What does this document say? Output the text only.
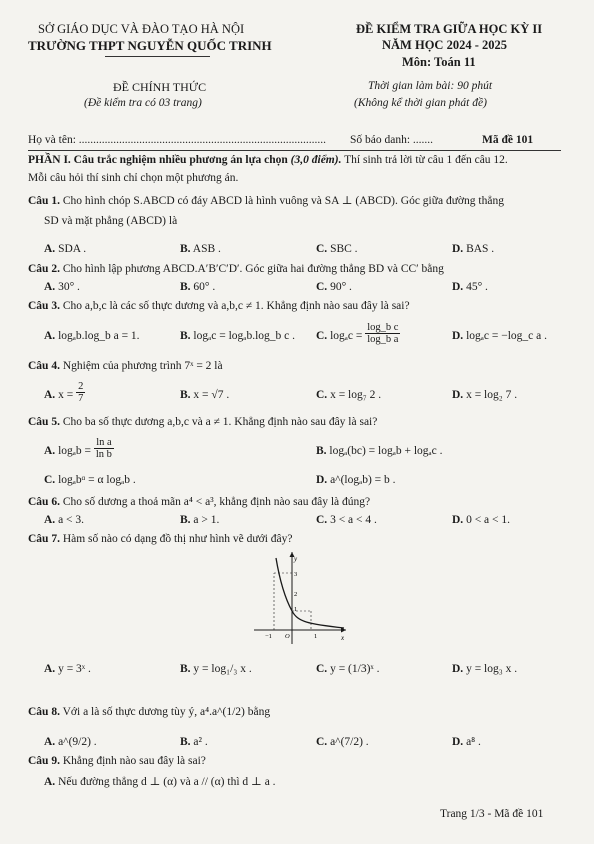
SỞ GIÁO DỤC VÀ ĐÀO TẠO HÀ NỘI
TRƯỜNG THPT NGUYỄN QUỐC TRINH
ĐỀ KIỂM TRA GIỮA HỌC KỲ II
NĂM HỌC 2024 - 2025
Môn: Toán 11
ĐỀ CHÍNH THỨC
(Đề kiểm tra có 03 trang)
Thời gian làm bài: 90 phút
(Không kể thời gian phát đề)
Họ và tên: ...................................................................................... Số báo danh: .......	Mã đề 101
PHẦN I. Câu trắc nghiệm nhiều phương án lựa chọn (3,0 điểm). Thí sinh trả lời từ câu 1 đến câu 12.
Mỗi câu hỏi thí sinh chỉ chọn một phương án.
Câu 1. Cho hình chóp S.ABCD có đáy ABCD là hình vuông và SA ⊥ (ABCD). Góc giữa đường thẳng
SD và mặt phẳng (ABCD) là
A. SDA .	B. ASB .	C. SBC .	D. BAS .
Câu 2. Cho hình lập phương ABCD.A′B′C′D′. Góc giữa hai đường thẳng BD và CC′ bằng
A. 30° .	B. 60° .	C. 90° .	D. 45° .
Câu 3. Cho a,b,c là các số thực dương và a,b,c ≠ 1. Khẳng định nào sau đây là sai?
A. logₐb.log_b a = 1.	B. logₐc = logₐb.log_b c . C. $\log_ac = \frac{\text{log\_b c}}{\text{log\_b a}}$	D. logₐc = −log_c a .
Câu 4. Nghiệm của phương trình 7ˣ = 2 là
A. $x = \frac{2}{7}$	B. x = √7 .	C. x = log₇ 2 .	D. x = log₂ 7 .
Câu 5. Cho ba số thực dương a,b,c và a ≠ 1. Khẳng định nào sau đây là sai?
A. $\log_ab = \frac{\text{ln a}}{\text{ln b}}$	B. logₐ(bc) = logₐb + logₐc .
C. logₐbᵅ = α logₐb .	D. a^(logₐb) = b .
Câu 6. Cho số dương a thoả mãn a⁴ < a³, khẳng định nào sau đây là đúng?
A. a < 3.	B. a > 1.	C. 3 < a < 4 .	D. 0 < a < 1.
Câu 7. Hàm số nào có dạng đồ thị như hình vẽ dưới đây?
y
3
2
1
−1 O	1	x
A. y = 3ˣ .	B. y = log₁/₃ x .	C. y = (1/3)ˣ .	D. y = log₃ x .
Câu 8. Với a là số thực dương tùy ý, a⁴.a^(1/2) bằng
A. a^(9/2) .	B. a² .	C. a^(7/2) .	D. a⁸ .
Câu 9. Khẳng định nào sau đây là sai?
A. Nếu đường thẳng d ⊥ (α) và a // (α) thì d ⊥ a .
Trang 1/3 - Mã đề 101
